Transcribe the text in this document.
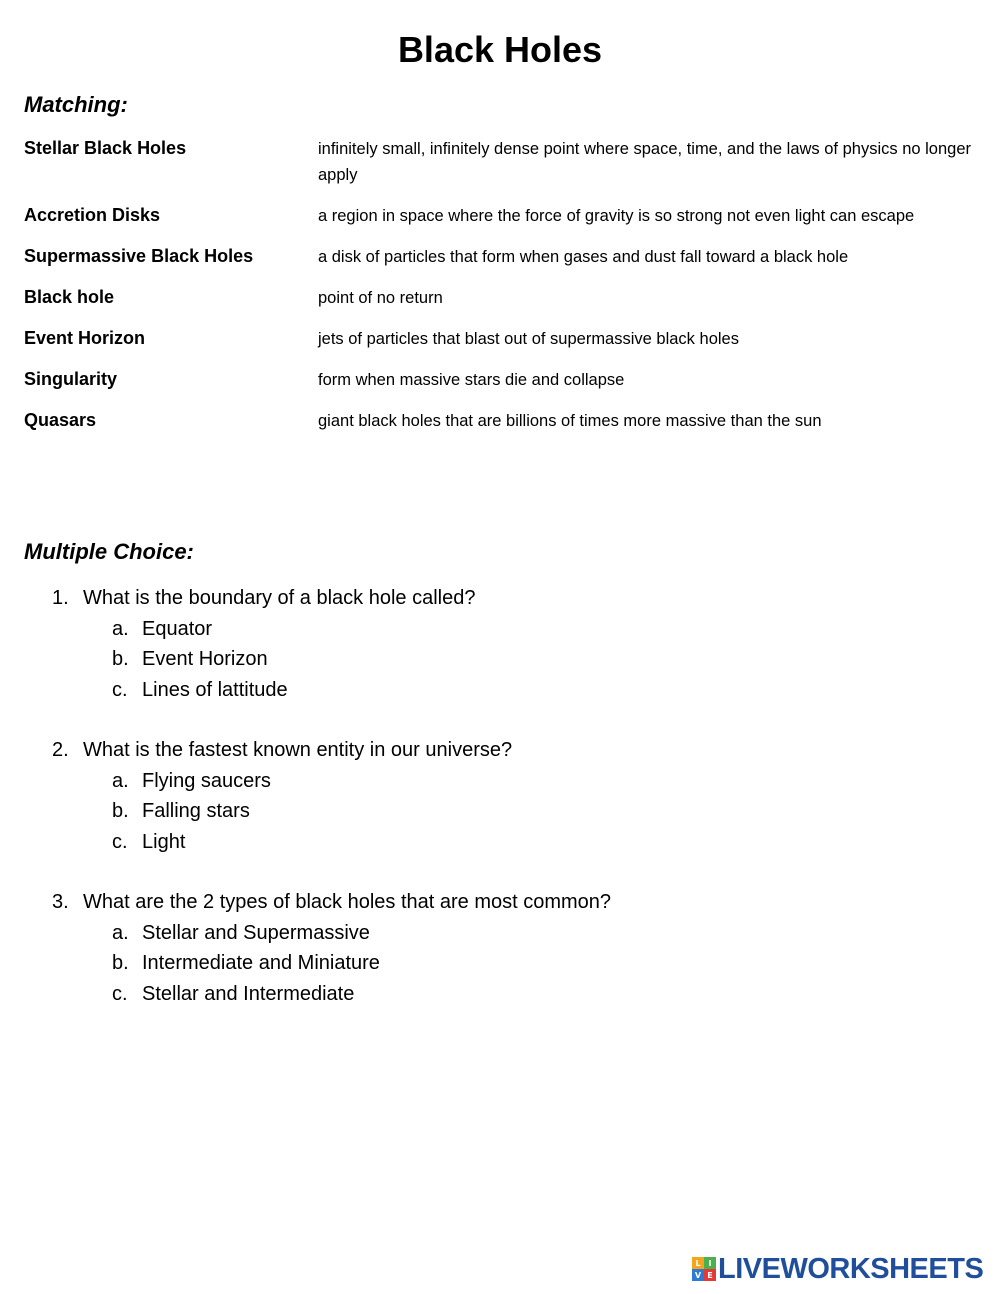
Black Holes
Matching:
Stellar Black Holes	infinitely small, infinitely dense point where space, time, and the laws of physics no longer apply
Accretion Disks	a region in space where the force of gravity is so strong not even light can escape
Supermassive Black Holes	a disk of particles that form when gases and dust fall toward a black hole
Black hole	point of no return
Event Horizon	jets of particles that blast out of supermassive black holes
Singularity	form when massive stars die and collapse
Quasars	giant black holes that are billions of times more massive than the sun
Multiple Choice:
1. What is the boundary of a black hole called?
a. Equator
b. Event Horizon
c. Lines of lattitude
2. What is the fastest known entity in our universe?
a. Flying saucers
b. Falling stars
c. Light
3. What are the 2 types of black holes that are most common?
a. Stellar and Supermassive
b. Intermediate and Miniature
c. Stellar and Intermediate
L I
V E LIVEWORKSHEETS
